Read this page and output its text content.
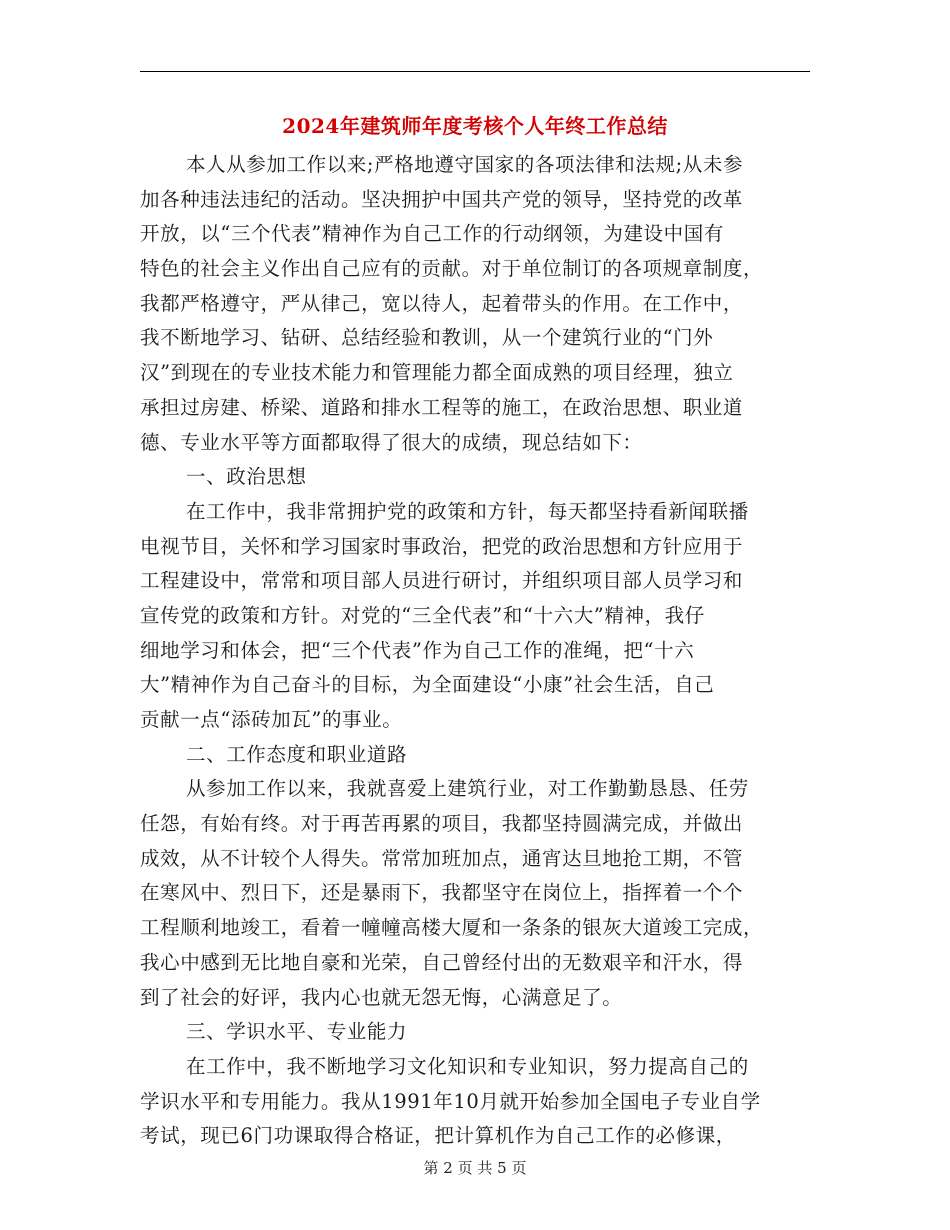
2024年建筑师年度考核个人年终工作总结
本人从参加工作以来;严格地遵守国家的各项法律和法规;从未参
加各种违法违纪的活动。坚决拥护中国共产党的领导，坚持党的改革
开放，以“三个代表”精神作为自己工作的行动纲领，为建设中国有
特色的社会主义作出自己应有的贡献。对于单位制订的各项规章制度，
我都严格遵守，严从律己，宽以待人，起着带头的作用。在工作中，
我不断地学习、钻研、总结经验和教训，从一个建筑行业的“门外
汉”到现在的专业技术能力和管理能力都全面成熟的项目经理，独立
承担过房建、桥梁、道路和排水工程等的施工，在政治思想、职业道
德、专业水平等方面都取得了很大的成绩，现总结如下：
一、政治思想
在工作中，我非常拥护党的政策和方针，每天都坚持看新闻联播
电视节目，关怀和学习国家时事政治，把党的政治思想和方针应用于
工程建设中，常常和项目部人员进行研讨，并组织项目部人员学习和
宣传党的政策和方针。对党的“三全代表”和“十六大”精神，我仔
细地学习和体会，把“三个代表”作为自己工作的准绳，把“十六
大”精神作为自己奋斗的目标，为全面建设“小康”社会生活，自己
贡献一点“添砖加瓦”的事业。
二、工作态度和职业道路
从参加工作以来，我就喜爱上建筑行业，对工作勤勤恳恳、任劳
任怨，有始有终。对于再苦再累的项目，我都坚持圆满完成，并做出
成效，从不计较个人得失。常常加班加点，通宵达旦地抢工期，不管
在寒风中、烈日下，还是暴雨下，我都坚守在岗位上，指挥着一个个
工程顺利地竣工，看着一幢幢高楼大厦和一条条的银灰大道竣工完成，
我心中感到无比地自豪和光荣，自己曾经付出的无数艰辛和汗水，得
到了社会的好评，我内心也就无怨无悔，心满意足了。
三、学识水平、专业能力
在工作中，我不断地学习文化知识和专业知识，努力提高自己的
学识水平和专用能力。我从1991年10月就开始参加全国电子专业自学
考试，现已6门功课取得合格证，把计算机作为自己工作的必修课，
第 2 页 共 5 页
